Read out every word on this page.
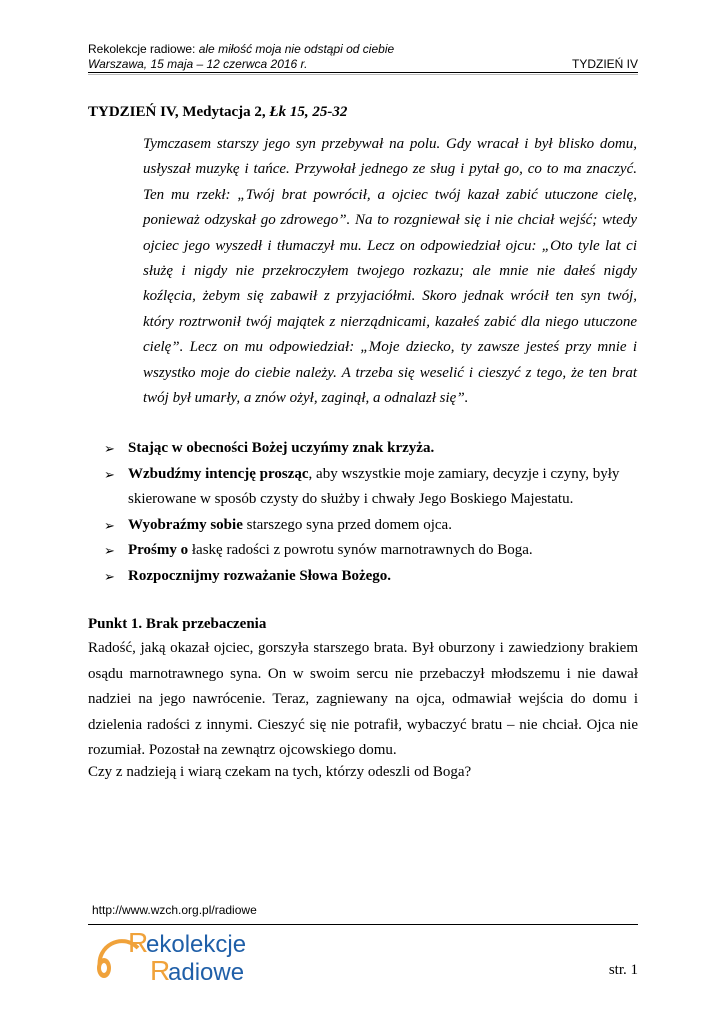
Rekolekcje radiowe: ale miłość moja nie odstąpi od ciebie
Warszawa, 15 maja – 12 czerwca 2016 r.	TYDZIEŃ IV
TYDZIEŃ IV, Medytacja 2, Łk 15, 25-32
Tymczasem starszy jego syn przebywał na polu. Gdy wracał i był blisko domu, usłyszał muzykę i tańce. Przywołał jednego ze sług i pytał go, co to ma znaczyć. Ten mu rzekł: „Twój brat powrócił, a ojciec twój kazał zabić utuczone cielę, ponieważ odzyskał go zdrowego”. Na to rozgniewał się i nie chciał wejść; wtedy ojciec jego wyszedł i tłumaczył mu. Lecz on odpowiedział ojcu: „Oto tyle lat ci służę i nigdy nie przekroczyłem twojego rozkazu; ale mnie nie dałeś nigdy koźlęcia, żebym się zabawił z przyjaciółmi. Skoro jednak wrócił ten syn twój, który roztrwonił twój majątek z nierządnicami, kazałeś zabić dla niego utuczone cielę”. Lecz on mu odpowiedział: „Moje dziecko, ty zawsze jesteś przy mnie i wszystko moje do ciebie należy. A trzeba się weselić i cieszyć z tego, że ten brat twój był umarły, a znów ożył, zaginął, a odnalazł się”.
➢ Stając w obecności Bożej uczyńmy znak krzyża.
➢ Wzbudźmy intencję prosząc, aby wszystkie moje zamiary, decyzje i czyny, były skierowane w sposób czysty do służby i chwały Jego Boskiego Majestatu.
➢ Wyobraźmy sobie starszego syna przed domem ojca.
➢ Prośmy o łaskę radości z powrotu synów marnotrawnych do Boga.
➢ Rozpocznijmy rozważanie Słowa Bożego.
Punkt 1. Brak przebaczenia
Radość, jaką okazał ojciec, gorszyła starszego brata. Był oburzony i zawiedziony brakiem osądu marnotrawnego syna. On w swoim sercu nie przebaczył młodszemu i nie dawał nadziei na jego nawrócenie. Teraz, zagniewany na ojca, odmawiał wejścia do domu i dzielenia radości z innymi. Cieszyć się nie potrafił, wybaczyć bratu – nie chciał. Ojca nie rozumiał. Pozostał na zewnątrz ojcowskiego domu.
Czy z nadzieją i wiarą czekam na tych, którzy odeszli od Boga?
http://www.wzch.org.pl/radiowe
R
ekolekcje
R
adiowe	str. 1
